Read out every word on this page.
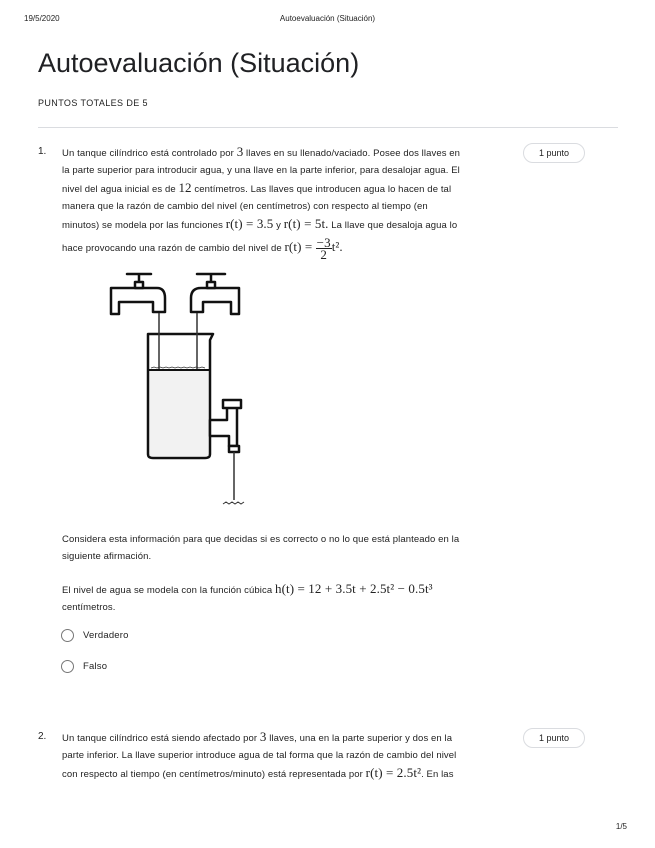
19/5/2020	Autoevaluación (Situación)
Autoevaluación (Situación)
PUNTOS TOTALES DE 5
1.	1 punto
Un tanque cilíndrico está controlado por 3 llaves en su llenado/vaciado. Posee dos llaves en
la parte superior para introducir agua, y una llave en la parte inferior, para desalojar agua. El
nivel del agua inicial es de 12 centímetros. Las llaves que introducen agua lo hacen de tal
manera que la razón de cambio del nivel (en centímetros) con respecto al tiempo (en
minutos) se modela por las funciones r(t) = 3.5 y r(t) = 5t. La llave que desaloja agua lo
hace provocando una razón de cambio del nivel de $r(t) = \frac{-3}{2} t^2$.
Considera esta información para que decidas si es correcto o no lo que está planteado en la
siguiente afirmación.
El nivel de agua se modela con la función cúbica h(t) = 12 + 3.5t + 2.5t² − 0.5t³
centímetros.
Verdadero
Falso
2.	1 punto
Un tanque cilíndrico está siendo afectado por 3 llaves, una en la parte superior y dos en la
parte inferior. La llave superior introduce agua de tal forma que la razón de cambio del nivel
con respecto al tiempo (en centímetros/minuto) está representada por r(t) = 2.5t². En las
1/5
